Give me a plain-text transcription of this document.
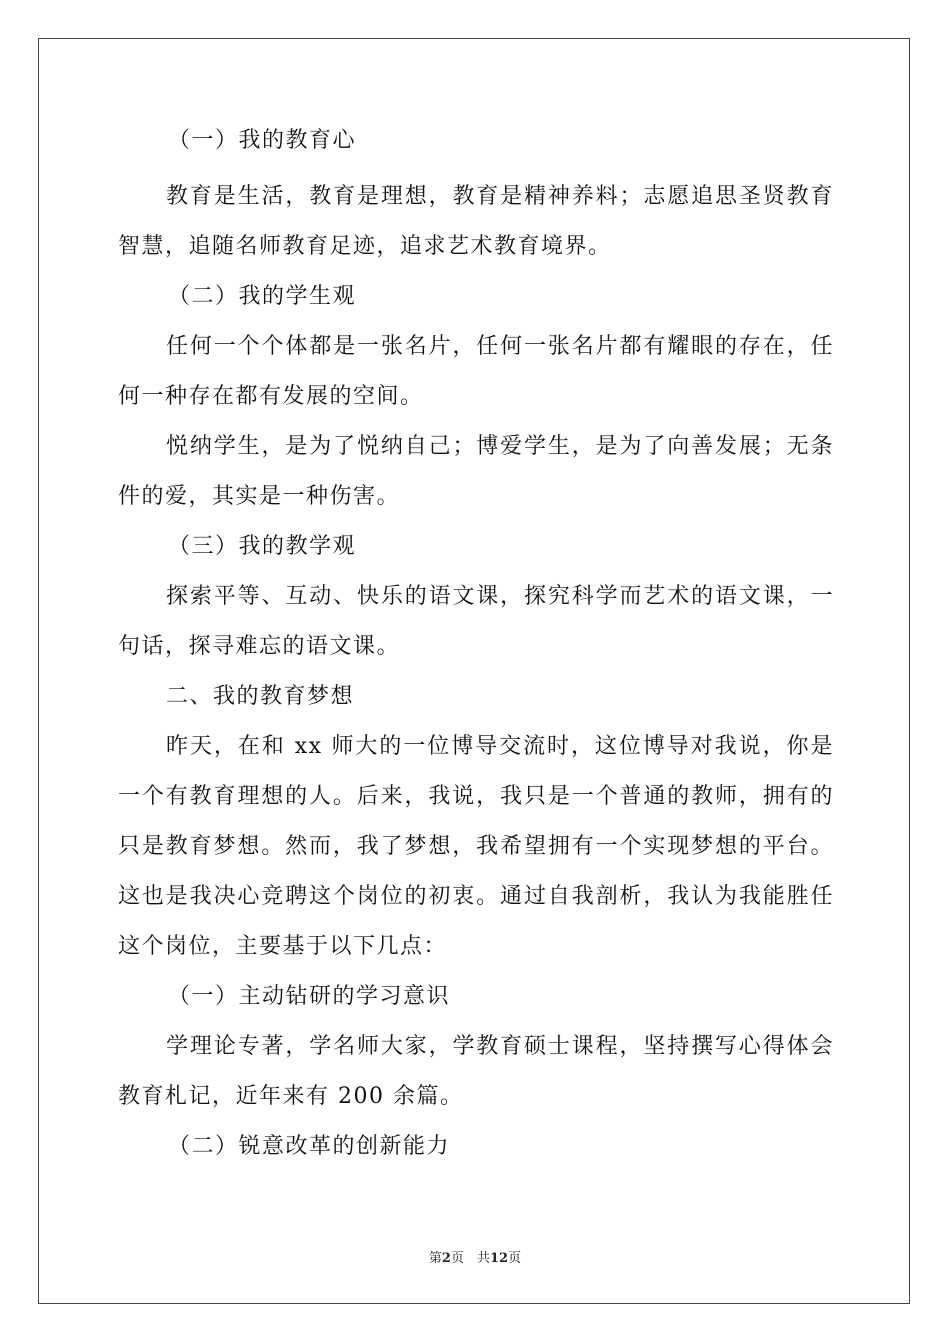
（一）我的教育心
教育是生活，教育是理想，教育是精神养料；志愿追思圣贤教育
智慧，追随名师教育足迹，追求艺术教育境界。
（二）我的学生观
任何一个个体都是一张名片，任何一张名片都有耀眼的存在，任
何一种存在都有发展的空间。
悦纳学生，是为了悦纳自己；博爱学生，是为了向善发展；无条
件的爱，其实是一种伤害。
（三）我的教学观
探索平等、互动、快乐的语文课，探究科学而艺术的语文课，一
句话，探寻难忘的语文课。
二、我的教育梦想
昨天，在和 xx 师大的一位博导交流时，这位博导对我说，你是
一个有教育理想的人。后来，我说，我只是一个普通的教师，拥有的
只是教育梦想。然而，我了梦想，我希望拥有一个实现梦想的平台。
这也是我决心竞聘这个岗位的初衷。通过自我剖析，我认为我能胜任
这个岗位，主要基于以下几点：
（一）主动钻研的学习意识
学理论专著，学名师大家，学教育硕士课程，坚持撰写心得体会
教育札记，近年来有 200 余篇。
（二）锐意改革的创新能力
第2页　共12页
